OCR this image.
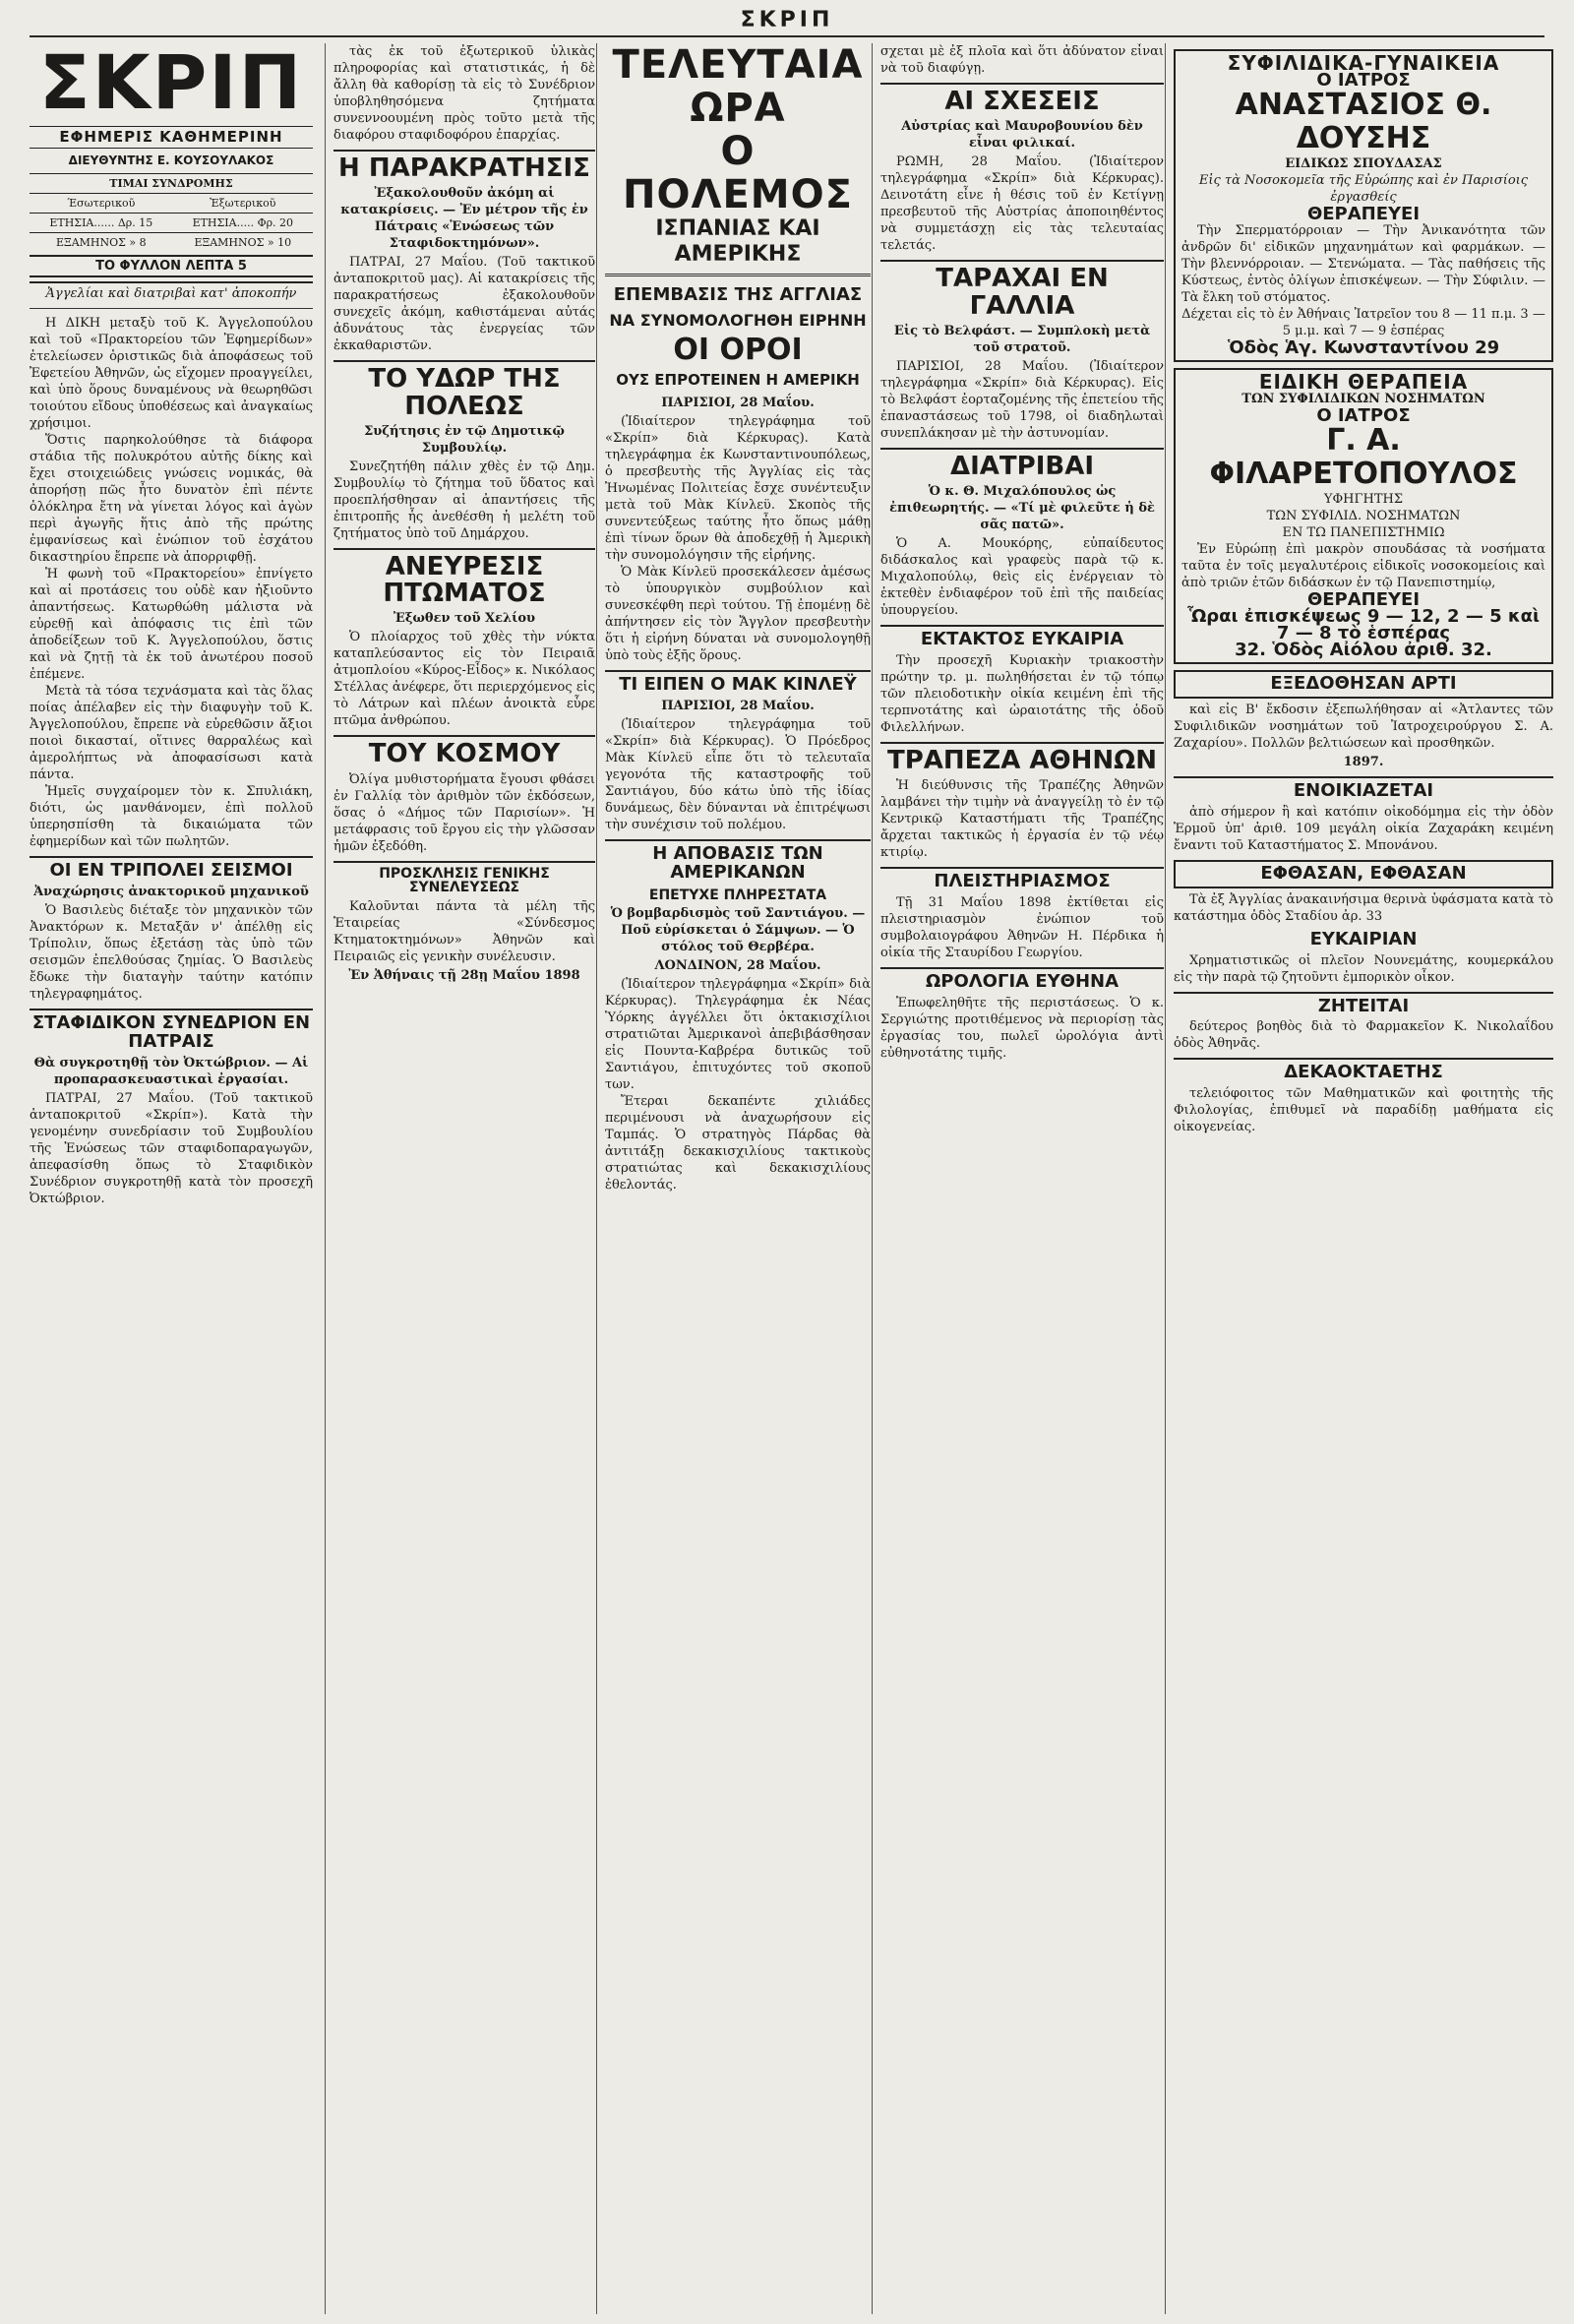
ΣΚΡΙΠ
ΣΚΡΙΠ
ΕΦΗΜΕΡΙΣ ΚΑΘΗΜΕΡΙΝΗ
ΔΙΕΥΘΥΝΤΗΣ Ε. ΚΟΥΣΟΥΛΑΚΟΣ
ΤΙΜΑΙ ΣΥΝΔΡΟΜΗΣ	
Έσωτερικοῦ	Ἐξωτερικοῦ
ΕΤΗΣΙΑ...... Δρ. 15	ΕΤΗΣΙΑ..... Φρ. 20
ΕΞΑΜΗΝΟΣ » 8	ΕΞΑΜΗΝΟΣ » 10
ΤΟ ΦΥΛΛΟΝ ΛΕΠΤΑ 5
Ἀγγελίαι καὶ διατριβαὶ κατ' ἀποκοπήν

Η ΔΙΚΗ μεταξὺ τοῦ Κ. Ἀγγελοπούλου καὶ τοῦ «Πρακτορείου τῶν Ἐφημερίδων» ἐτελείωσεν ὁριστικῶς διὰ ἀποφάσεως τοῦ Ἐφετείου Ἀθηνῶν, ὡς εἴχομεν προαγγείλει, καὶ ὑπὸ ὅρους δυναμένους νὰ θεωρηθῶσι τοιούτου εἴδους ὑποθέσεως καὶ ἀναγκαίως χρήσιμοι.

Ὅστις παρηκολούθησε τὰ διάφορα στάδια τῆς πολυκρότου αὐτῆς δίκης καὶ ἔχει στοιχειώδεις γνώσεις νομικάς, θὰ ἀπορήσῃ πῶς ἦτο δυνατὸν ἐπὶ πέντε ὁλόκληρα ἔτη νὰ γίνεται λόγος καὶ ἀγὼν περὶ ἀγωγῆς ἥτις ἀπὸ τῆς πρώτης ἐμφανίσεως καὶ ἐνώπιον τοῦ ἐσχάτου δικαστηρίου ἔπρεπε νὰ ἀπορριφθῇ.

Ἡ φωνὴ τοῦ «Πρακτορείου» ἐπνίγετο καὶ αἱ προτάσεις του οὐδὲ καν ἠξιοῦντο ἀπαντήσεως. Κατωρθώθη μάλιστα νὰ εὑρεθῇ καὶ ἀπόφασις τις ἐπὶ τῶν ἀποδείξεων τοῦ Κ. Ἀγγελοπούλου, ὅστις καὶ νὰ ζητῇ τὰ ἐκ τοῦ ἀνωτέρου ποσοῦ ἐπέμενε.

Μετὰ τὰ τόσα τεχνάσματα καὶ τὰς ὅλας ποίας ἀπέλαβεν εἰς τὴν διαφυγὴν τοῦ Κ. Ἀγγελοπούλου, ἔπρεπε νὰ εὑρεθῶσιν ἄξιοι ποιοὶ δικασταί, οἵτινες θαρραλέως καὶ ἀμερολήπτως νὰ ἀποφασίσωσι κατὰ πάντα.

Ἡμεῖς συγχαίρομεν τὸν κ. Σπυλιάκη, διότι, ὡς μανθάνομεν, ἐπὶ πολλοῦ ὑπερησπίσθη τὰ δικαιώματα τῶν ἐφημερίδων καὶ τῶν πωλητῶν.

ΟΙ ΕΝ ΤΡΙΠΟΛΕΙ ΣΕΙΣΜΟΙ
Ἀναχώρησις ἀνακτορικοῦ μηχανικοῦ

Ὁ Βασιλεὺς διέταξε τὸν μηχανικὸν τῶν Ἀνακτόρων κ. Μεταξᾶν ν' ἀπέλθῃ εἰς Τρίπολιν, ὅπως ἐξετάσῃ τὰς ὑπὸ τῶν σεισμῶν ἐπελθούσας ζημίας. Ὁ Βασιλεὺς ἔδωκε τὴν διαταγὴν ταύτην κατόπιν τηλεγραφημάτος.

ΣΤΑΦΙΔΙΚΟΝ ΣΥΝΕΔΡΙΟΝ ΕΝ ΠΑΤΡΑΙΣ
Θὰ συγκροτηθῇ τὸν Ὀκτώβριον. — Αἱ προπαρασκευαστικαὶ ἐργασίαι.

ΠΑΤΡΑΙ, 27 Μαΐου. (Τοῦ τακτικοῦ ἀνταποκριτοῦ «Σκρίπ»). Κατὰ τὴν γενομένην συνεδρίασιν τοῦ Συμβουλίου τῆς Ἑνώσεως τῶν σταφιδοπαραγωγῶν, ἀπεφασίσθη ὅπως τὸ Σταφιδικὸν Συνέδριον συγκροτηθῇ κατὰ τὸν προσεχῆ Ὀκτώβριον.

τὰς ἐκ τοῦ ἐξωτερικοῦ ὑλικὰς πληροφορίας καὶ στατιστικάς, ἡ δὲ ἄλλη θὰ καθορίσῃ τὰ εἰς τὸ Συνέδριον ὑποβληθησόμενα ζητήματα συνεννοουμένη πρὸς τοῦτο μετὰ τῆς διαφόρου σταφιδοφόρου ἐπαρχίας.

Η ΠΑΡΑΚΡΑΤΗΣΙΣ
Ἐξακολουθοῦν ἀκόμη αἱ κατακρίσεις. — Ἐν μέτρον τῆς ἐν Πάτραις «Ἑνώσεως τῶν Σταφιδοκτημόνων».

ΠΑΤΡΑΙ, 27 Μαΐου. (Τοῦ τακτικοῦ ἀνταποκριτοῦ μας). Αἱ κατακρίσεις τῆς παρακρατήσεως ἐξακολουθοῦν συνεχεῖς ἀκόμη, καθιστάμεναι αὐτάς ἀδυνάτους τὰς ἐνεργείας τῶν ἐκκαθαριστῶν.

ΤΟ ΥΔΩΡ ΤΗΣ ΠΟΛΕΩΣ
Συζήτησις ἐν τῷ Δημοτικῷ Συμβουλίῳ.

Συνεζητήθη πάλιν χθὲς ἐν τῷ Δημ. Συμβουλίῳ τὸ ζήτημα τοῦ ὕδατος καὶ προεπλήσθησαν αἱ ἀπαντήσεις τῆς ἐπιτροπῆς ἧς ἀνεθέσθη ἡ μελέτη τοῦ ζητήματος ὑπὸ τοῦ Δημάρχου.

ΑΝΕΥΡΕΣΙΣ ΠΤΩΜΑΤΟΣ
Ἐξωθεν τοῦ Χελίου

Ὁ πλοίαρχος τοῦ χθὲς τὴν νύκτα καταπλεύσαντος εἰς τὸν Πειραιᾶ ἀτμοπλοίου «Κύρος-Εἶδος» κ. Νικόλαος Στέλλας ἀνέφερε, ὅτι περιερχόμενος εἰς τὸ Λάτρων καὶ πλέων ἀνοικτὰ εὗρε πτῶμα ἀνθρώπου.

ΤΟΥ ΚΟΣΜΟΥ

Ὀλίγα μυθιστορήματα ἔγουσι φθάσει ἐν Γαλλίᾳ τὸν ἀριθμὸν τῶν ἐκδόσεων, ὅσας ὁ «Δήμος τῶν Παρισίων». Ἡ μετάφρασις τοῦ ἔργου εἰς τὴν γλῶσσαν ἡμῶν ἐξεδόθη.

ΠΡΟΣΚΛΗΣΙΣ ΓΕΝΙΚΗΣ ΣΥΝΕΛΕΥΣΕΩΣ

Καλοῦνται πάντα τὰ μέλη τῆς Ἑταιρείας «Σύνδεσμος Κτηματοκτημόνων» Ἀθηνῶν καὶ Πειραιῶς εἰς γενικὴν συνέλευσιν.

Ἐν Ἀθήναις τῇ 28ῃ Μαΐου 1898
ΤΕΛΕΥΤΑΙΑ ΩΡΑ
Ο ΠΟΛΕΜΟΣ
ΙΣΠΑΝΙΑΣ ΚΑΙ ΑΜΕΡΙΚΗΣ
ΕΠΕΜΒΑΣΙΣ ΤΗΣ ΑΓΓΛΙΑΣ
ΝΑ ΣΥΝΟΜΟΛΟΓΗΘΗ ΕΙΡΗΝΗ
ΟΙ ΟΡΟΙ
ΟΥΣ ΕΠΡΟΤΕΙΝΕΝ Η ΑΜΕΡΙΚΗ
ΠΑΡΙΣΙΟΙ, 28 Μαΐου.

(Ἰδιαίτερον τηλεγράφημα τοῦ «Σκρίπ» διὰ Κέρκυρας). Κατὰ τηλεγράφημα ἐκ Κωνσταντινουπόλεως, ὁ πρεσβευτὴς τῆς Ἀγγλίας εἰς τὰς Ἠνωμένας Πολιτείας ἔσχε συνέντευξιν μετὰ τοῦ Μὰκ Κίνλεϋ. Σκοπὸς τῆς συνεντεύξεως ταύτης ἦτο ὅπως μάθῃ ἐπὶ τίνων ὅρων θὰ ἀποδεχθῇ ἡ Ἀμερικὴ τὴν συνομολόγησιν τῆς εἰρήνης.

Ὁ Μὰκ Κίνλεϋ προσεκάλεσεν ἀμέσως τὸ ὑπουργικὸν συμβούλιον καὶ συνεσκέφθη περὶ τούτου. Τῇ ἐπομένῃ δὲ ἀπήντησεν εἰς τὸν Ἄγγλον πρεσβευτὴν ὅτι ἡ εἰρήνη δύναται νὰ συνομολογηθῇ ὑπὸ τοὺς ἑξῆς ὅρους.

ΤΙ ΕΙΠΕΝ Ο ΜΑΚ ΚΙΝΛΕΫ
ΠΑΡΙΣΙΟΙ, 28 Μαΐου.

(Ἰδιαίτερον τηλεγράφημα τοῦ «Σκρίπ» διὰ Κέρκυρας). Ὁ Πρόεδρος Μὰκ Κίνλεϋ εἶπε ὅτι τὸ τελευταῖα γεγονότα τῆς καταστροφῆς τοῦ Σαντιάγου, δύο κάτω ὑπὸ τῆς ἰδίας δυνάμεως, δὲν δύνανται νὰ ἐπιτρέψωσι τὴν συνέχισιν τοῦ πολέμου.

Η ΑΠΟΒΑΣΙΣ ΤΩΝ ΑΜΕΡΙΚΑΝΩΝ
ΕΠΕΤΥΧΕ ΠΛΗΡΕΣΤΑΤΑ
Ὁ βομβαρδισμὸς τοῦ Σαντιάγου. — Ποῦ εὑρίσκεται ὁ Σάμψων. — Ὁ στόλος τοῦ Θερβέρα.
ΛΟΝΔΙΝΟΝ, 28 Μαΐου.

(Ἰδιαίτερον τηλεγράφημα «Σκρίπ» διὰ Κέρκυρας). Τηλεγράφημα ἐκ Νέας Ὑόρκης ἀγγέλλει ὅτι ὀκτακισχίλιοι στρατιῶται Ἀμερικανοὶ ἀπεβιβάσθησαν εἰς Πουντα-Καβρέρα δυτικῶς τοῦ Σαντιάγου, ἐπιτυχόντες τοῦ σκοποῦ των.

Ἔτεραι δεκαπέντε χιλιάδες περιμένουσι νὰ ἀναχωρήσουν εἰς Ταμπάς. Ὁ στρατηγὸς Πάρδας θὰ ἀντιτάξῃ δεκακισχιλίους τακτικοὺς στρατιώτας καὶ δεκακισχιλίους ἐθελοντάς.

σχεται μὲ ἐξ πλοῖα καὶ ὅτι ἀδύνατον εἶναι νὰ τοῦ διαφύγῃ.

ΑΙ ΣΧΕΣΕΙΣ
Αὐστρίας καὶ Μαυροβουνίου δὲν εἶναι φιλικαί.

ΡΩΜΗ, 28 Μαΐου. (Ἰδιαίτερον τηλεγράφημα «Σκρίπ» διὰ Κέρκυρας). Δεινοτάτη εἶνε ἡ θέσις τοῦ ἐν Κετίγνῃ πρεσβευτοῦ τῆς Αὐστρίας ἀποποιηθέντος νὰ συμμετάσχῃ εἰς τὰς τελευταίας τελετάς.

ΤΑΡΑΧΑΙ ΕΝ ΓΑΛΛΙΑ
Εἰς τὸ Βελφάστ. — Συμπλοκὴ μετὰ τοῦ στρατοῦ.

ΠΑΡΙΣΙΟΙ, 28 Μαΐου. (Ἰδιαίτερον τηλεγράφημα «Σκρίπ» διὰ Κέρκυρας). Εἰς τὸ Βελφάστ ἑορταζομένης τῆς ἐπετείου τῆς ἐπαναστάσεως τοῦ 1798, οἱ διαδηλωταὶ συνεπλάκησαν μὲ τὴν ἀστυνομίαν.

ΔΙΑΤΡΙΒΑΙ
Ὁ κ. Θ. Μιχαλόπουλος ὡς ἐπιθεωρητής. — «Τί μὲ φιλεῦτε ἡ δὲ σᾶς πατῶ».

Ὁ Α. Μουκόρης, εὐπαίδευτος διδάσκαλος καὶ γραφεὺς παρὰ τῷ κ. Μιχαλοπούλῳ, θεὶς εἰς ἐνέργειαν τὸ ἐκτεθὲν ἐνδιαφέρον τοῦ ἐπὶ τῆς παιδείας ὑπουργείου.

ΕΚΤΑΚΤΟΣ ΕΥΚΑΙΡΙΑ

Τὴν προσεχῆ Κυριακὴν τριακοστὴν πρώτην τρ. μ. πωληθήσεται ἐν τῷ τόπῳ τῶν πλειοδοτικὴν οἰκία κειμένη ἐπὶ τῆς τερπνοτάτης καὶ ὠραιοτάτης τῆς ὁδοῦ Φιλελλήνων.

ΤΡΑΠΕΖΑ ΑΘΗΝΩΝ

Ἡ διεύθυνσις τῆς Τραπέζης Ἀθηνῶν λαμβάνει τὴν τιμὴν νὰ ἀναγγείλῃ τὸ ἐν τῷ Κεντρικῷ Καταστήματι τῆς Τραπέζης ἄρχεται τακτικῶς ἡ ἐργασία ἐν τῷ νέῳ κτιρίῳ.

ΠΛΕΙΣΤΗΡΙΑΣΜΟΣ

Τῇ 31 Μαΐου 1898 ἐκτίθεται εἰς πλειστηριασμὸν ἐνώπιον τοῦ συμβολαιογράφου Ἀθηνῶν Η. Πέρδικα ἡ οἰκία τῆς Σταυρίδου Γεωργίου.

ΩΡΟΛΟΓΙΑ ΕΥΘΗΝΑ

Ἐπωφεληθῆτε τῆς περιστάσεως. Ὁ κ. Σεργιώτης προτιθέμενος νὰ περιορίσῃ τὰς ἐργασίας του, πωλεῖ ὡρολόγια ἀντὶ εὐθηνοτάτης τιμῆς.

ΣΥΦΙΛΙΔΙΚΑ-ΓΥΝΑΙΚΕΙΑ
Ο ΙΑΤΡΟΣ
ΑΝΑΣΤΑΣΙΟΣ Θ. ΔΟΥΣΗΣ
ΕΙΔΙΚΩΣ ΣΠΟΥΔΑΣΑΣ
Εἰς τὰ Νοσοκομεῖα τῆς Εὐρώπης καὶ ἐν Παρισίοις ἐργασθείς
ΘΕΡΑΠΕΥΕΙ

Τὴν Σπερματόρροιαν — Τὴν Ἀνικανότητα τῶν ἀνδρῶν δι' εἰδικῶν μηχανημάτων καὶ φαρμάκων. — Τὴν βλεννόρροιαν. — Στενώματα. — Τὰς παθήσεις τῆς Κύστεως, ἐντὸς ὀλίγων ἐπισκέψεων. — Τὴν Σύφιλιν. — Τὰ ἔλκη τοῦ στόματος.

Δέχεται εἰς τὸ ἐν Ἀθήναις Ἰατρεῖον του 8 — 11 π.μ. 3 — 5 μ.μ. καὶ 7 — 9 ἑσπέρας
Ὁδὸς Ἁγ. Κωνσταντίνου 29
ΕΙΔΙΚΗ ΘΕΡΑΠΕΙΑ
ΤΩΝ ΣΥΦΙΛΙΔΙΚΩΝ ΝΟΣΗΜΑΤΩΝ
Ο ΙΑΤΡΟΣ
Γ. Α. ΦΙΛΑΡΕΤΟΠΟΥΛΟΣ
ΥΦΗΓΗΤΗΣ
ΤΩΝ ΣΥΦΙΛΙΔ. ΝΟΣΗΜΑΤΩΝ
ΕΝ ΤΩ ΠΑΝΕΠΙΣΤΗΜΙΩ

Ἐν Εὐρώπῃ ἐπὶ μακρὸν σπουδάσας τὰ νοσήματα ταῦτα ἐν τοῖς μεγαλυτέροις εἰδικοῖς νοσοκομείοις καὶ ἀπὸ τριῶν ἐτῶν διδάσκων ἐν τῷ Πανεπιστημίῳ,

ΘΕΡΑΠΕΥΕΙ
Ὧραι ἐπισκέψεως 9 — 12, 2 — 5 καὶ 7 — 8 τὸ ἑσπέρας
32. Ὁδὸς Αἰόλου ἀριθ. 32.
ΕΞΕΔΟΘΗΣΑΝ ΑΡΤΙ

καὶ εἰς Β' ἔκδοσιν ἐξεπωλήθησαν αἱ «Ἀτλαντες τῶν Συφιλιδικῶν νοσημάτων τοῦ Ἰατροχειρούργου Σ. Α. Ζαχαρίου». Πολλῶν βελτιώσεων καὶ προσθηκῶν.

1897.
ΕΝΟΙΚΙΑΖΕΤΑΙ

ἀπὸ σήμερον ἢ καὶ κατόπιν οἰκοδόμημα εἰς τὴν ὁδὸν Ἑρμοῦ ὑπ' ἀριθ. 109 μεγάλη οἰκία Ζαχαράκη κειμένη ἔναντι τοῦ Καταστήματος Σ. Μπονάνου.

ΕΦΘΑΣΑΝ, ΕΦΘΑΣΑΝ

Τὰ ἐξ Ἀγγλίας ἀνακαινήσιμα θερινὰ ὑφάσματα κατὰ τὸ κατάστημα ὁδὸς Σταδίου ἀρ. 33

ΕΥΚΑΙΡΙΑΝ

Χρηματιστικῶς οἱ πλεῖον Νουνεμάτης, κουμερκάλου εἰς τὴν παρὰ τῷ ζητοῦντι ἐμπορικὸν οἶκον.

ΖΗΤΕΙΤΑΙ

δεύτερος βοηθὸς διὰ τὸ Φαρμακεῖον Κ. Νικολαΐδου ὁδὸς Ἀθηνᾶς.

ΔΕΚΑΟΚΤΑΕΤΗΣ

τελειόφοιτος τῶν Μαθηματικῶν καὶ φοιτητὴς τῆς Φιλολογίας, ἐπιθυμεῖ νὰ παραδίδῃ μαθήματα εἰς οἰκογενείας.
